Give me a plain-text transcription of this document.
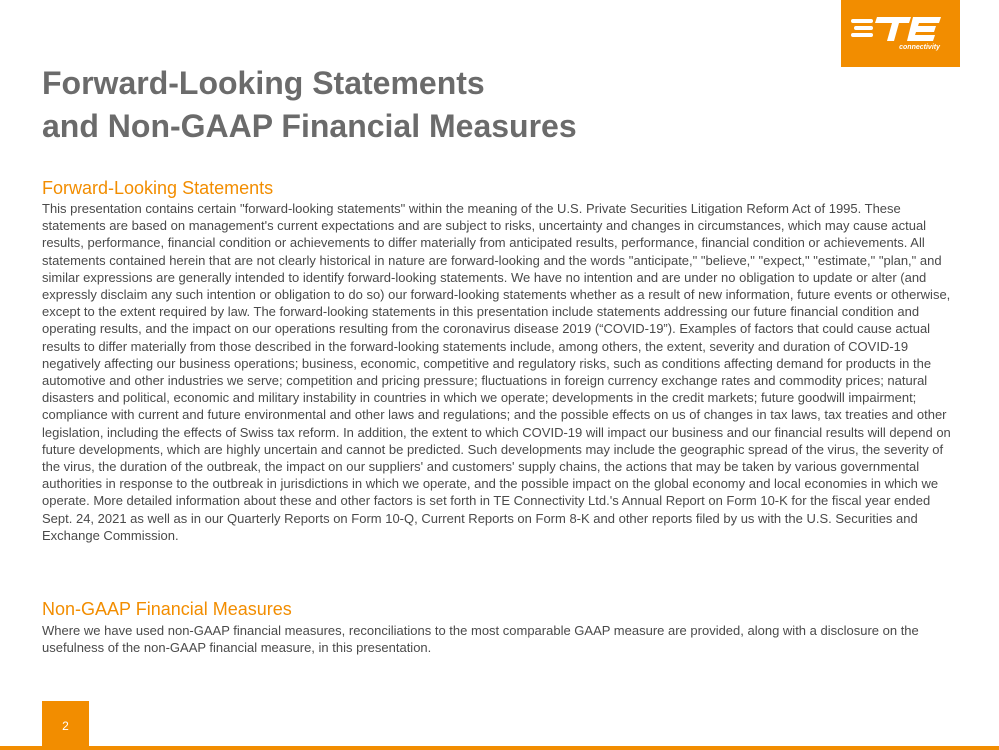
connectivity
Forward-Looking Statements
and Non-GAAP Financial Measures
Forward-Looking Statements

This presentation contains certain "forward-looking statements" within the meaning of the U.S. Private Securities Litigation Reform Act of 1995. These statements are based on management's current expectations and are subject to risks, uncertainty and changes in circumstances, which may cause actual results, performance, financial condition or achievements to differ materially from anticipated results, performance, financial condition or achievements. All statements contained herein that are not clearly historical in nature are forward-looking and the words "anticipate," "believe," "expect," "estimate," "plan," and similar expressions are generally intended to identify forward-looking statements. We have no intention and are under no obligation to update or alter (and expressly disclaim any such intention or obligation to do so) our forward-looking statements whether as a result of new information, future events or otherwise, except to the extent required by law. The forward-looking statements in this presentation include statements addressing our future financial condition and operating results, and the impact on our operations resulting from the coronavirus disease 2019 (“COVID-19”). Examples of factors that could cause actual results to differ materially from those described in the forward-looking statements include, among others, the extent, severity and duration of COVID-19 negatively affecting our business operations; business, economic, competitive and regulatory risks, such as conditions affecting demand for products in the automotive and other industries we serve; competition and pricing pressure; fluctuations in foreign currency exchange rates and commodity prices; natural disasters and political, economic and military instability in countries in which we operate; developments in the credit markets; future goodwill impairment; compliance with current and future environmental and other laws and regulations; and the possible effects on us of changes in tax laws, tax treaties and other legislation, including the effects of Swiss tax reform. In addition, the extent to which COVID-19 will impact our business and our financial results will depend on future developments, which are highly uncertain and cannot be predicted. Such developments may include the geographic spread of the virus, the severity of the virus, the duration of the outbreak, the impact on our suppliers' and customers' supply chains, the actions that may be taken by various governmental authorities in response to the outbreak in jurisdictions in which we operate, and the possible impact on the global economy and local economies in which we operate. More detailed information about these and other factors is set forth in TE Connectivity Ltd.'s Annual Report on Form 10-K for the fiscal year ended Sept. 24, 2021 as well as in our Quarterly Reports on Form 10-Q, Current Reports on Form 8-K and other reports filed by us with the U.S. Securities and Exchange Commission.

Non-GAAP Financial Measures

Where we have used non-GAAP financial measures, reconciliations to the most comparable GAAP measure are provided, along with a disclosure on the usefulness of the non-GAAP financial measure, in this presentation.

2
